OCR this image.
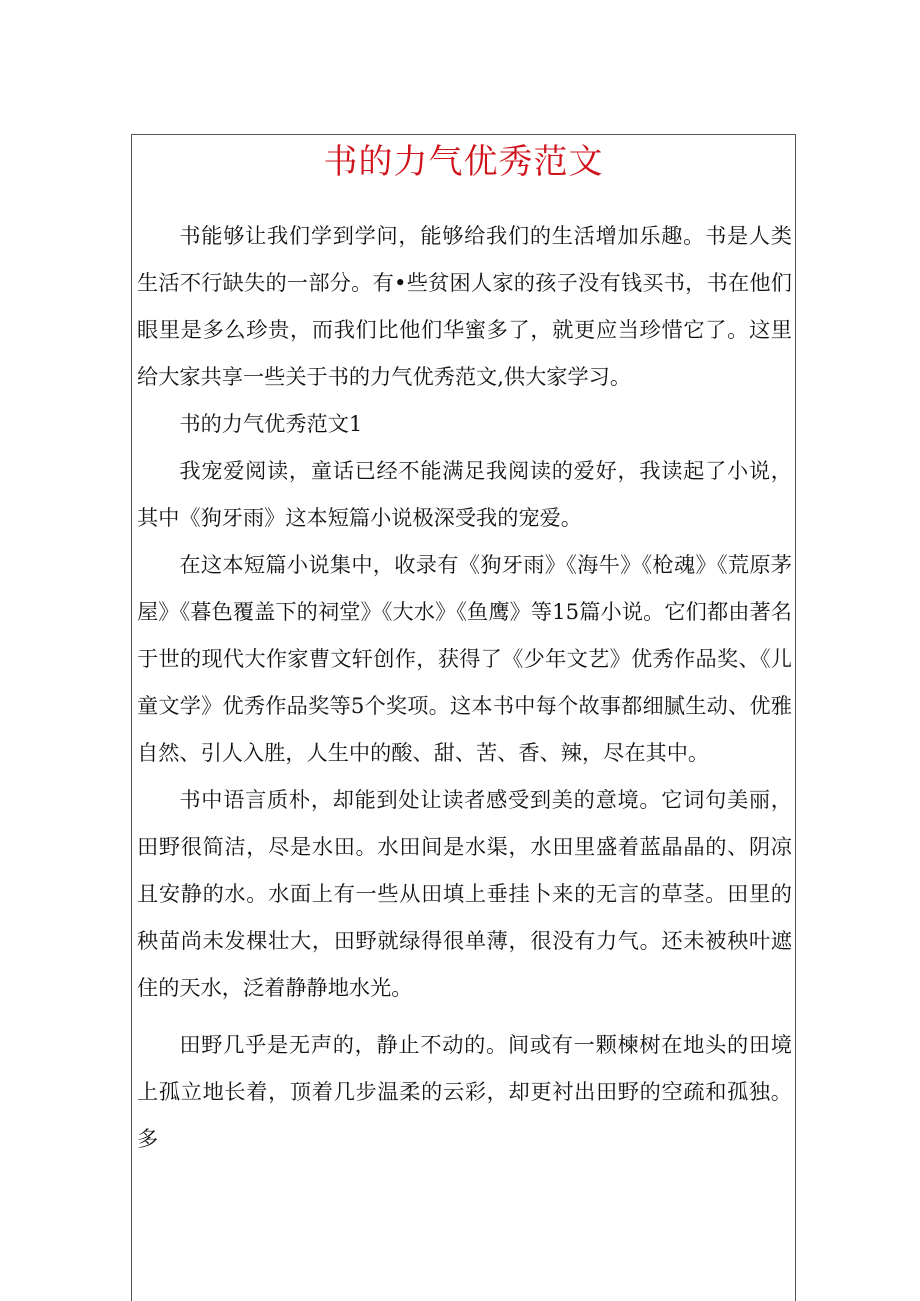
书的力气优秀范文

书能够让我们学到学问，能够给我们的生活增加乐趣。书是人类生活不行缺失的一部分。有•些贫困人家的孩子没有钱买书，书在他们眼里是多么珍贵，而我们比他们华蜜多了，就更应当珍惜它了。这里给大家共享一些关于书的力气优秀范文,供大家学习。

书的力气优秀范文1

我宠爱阅读，童话已经不能满足我阅读的爱好，我读起了小说，其中《狗牙雨》这本短篇小说极深受我的宠爱。

在这本短篇小说集中，收录有《狗牙雨》《海牛》《枪魂》《荒原茅屋》《暮色覆盖下的祠堂》《大水》《鱼鹰》等15篇小说。它们都由著名于世的现代大作家曹文轩创作，获得了《少年文艺》优秀作品奖、《儿童文学》优秀作品奖等5个奖项。这本书中每个故事都细腻生动、优雅自然、引人入胜，人生中的酸、甜、苦、香、辣，尽在其中。

书中语言质朴，却能到处让读者感受到美的意境。它词句美丽，田野很简洁，尽是水田。水田间是水渠，水田里盛着蓝晶晶的、阴凉且安静的水。水面上有一些从田填上垂挂卜来的无言的草茎。田里的秧苗尚未发棵壮大，田野就绿得很单薄，很没有力气。还未被秧叶遮住的天水，泛着静静地水光。

田野几乎是无声的，静止不动的。间或有一颗楝树在地头的田境上孤立地长着，顶着几步温柔的云彩，却更衬出田野的空疏和孤独。多
